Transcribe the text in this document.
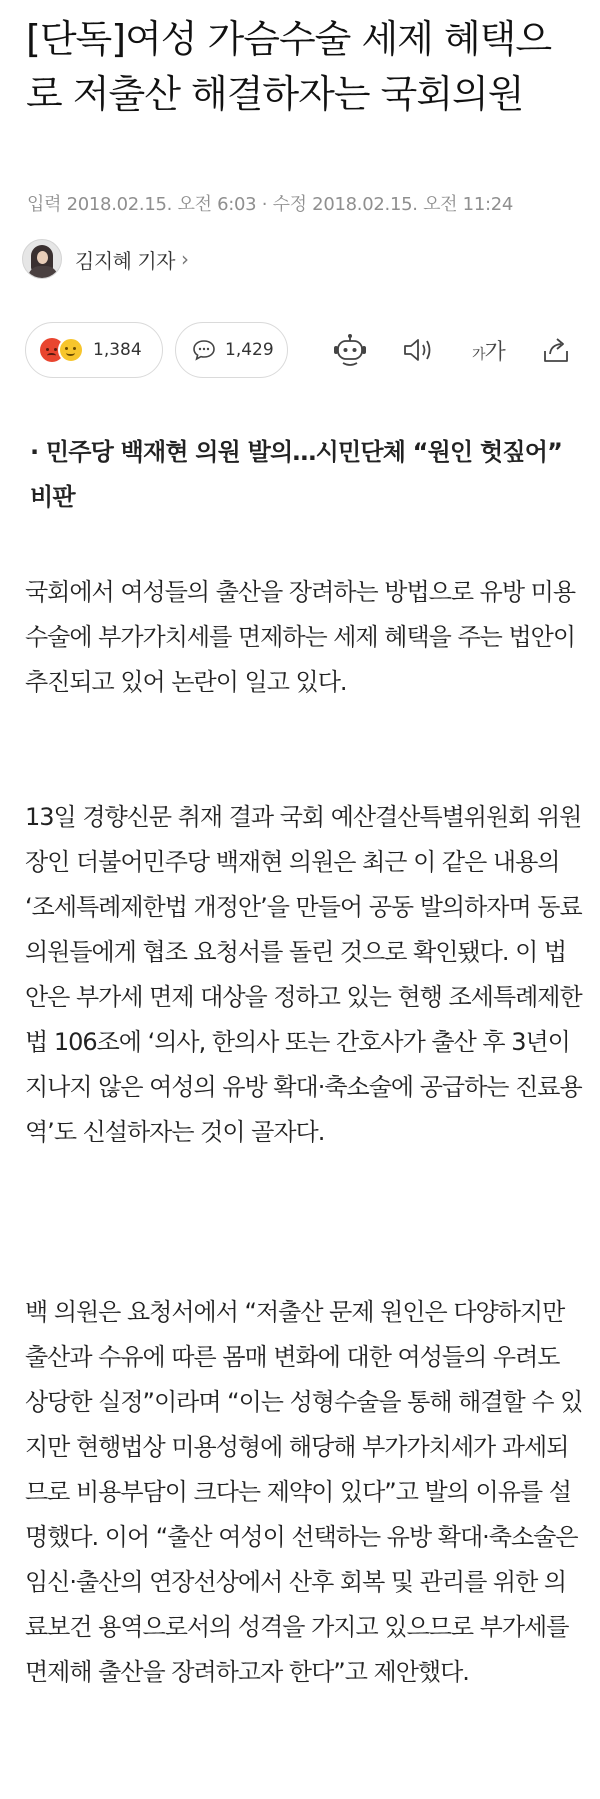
[단독]여성 가슴수술 세제 혜택으로 저출산 해결하자는 국회의원
입력 2018.02.15. 오전 6:03 · 수정 2018.02.15. 오전 11:24
김지혜 기자 ›
1,384	1,429	가가
· 민주당 백재현 의원 발의…시민단체 “원인 헛짚어” 비판

국회에서 여성들의 출산을 장려하는 방법으로 유방 미용 수술에 부가가치세를 면제하는 세제 혜택을 주는 법안이 추진되고 있어 논란이 일고 있다.

13일 경향신문 취재 결과 국회 예산결산특별위원회 위원장인 더불어민주당 백재현 의원은 최근 이 같은 내용의 ‘조세특례제한법 개정안’을 만들어 공동 발의하자며 동료 의원들에게 협조 요청서를 돌린 것으로 확인됐다. 이 법안은 부가세 면제 대상을 정하고 있는 현행 조세특례제한법 106조에 ‘의사, 한의사 또는 간호사가 출산 후 3년이 지나지 않은 여성의 유방 확대·축소술에 공급하는 진료용역’도 신설하자는 것이 골자다.

백 의원은 요청서에서 “저출산 문제 원인은 다양하지만 출산과 수유에 따른 몸매 변화에 대한 여성들의 우려도 상당한 실정”이라며 “이는 성형수술을 통해 해결할 수 있지만 현행법상 미용성형에 해당해 부가가치세가 과세되므로 비용부담이 크다는 제약이 있다”고 발의 이유를 설명했다. 이어 “출산 여성이 선택하는 유방 확대·축소술은 임신·출산의 연장선상에서 산후 회복 및 관리를 위한 의료보건 용역으로서의 성격을 가지고 있으므로 부가세를 면제해 출산을 장려하고자 한다”고 제안했다.
